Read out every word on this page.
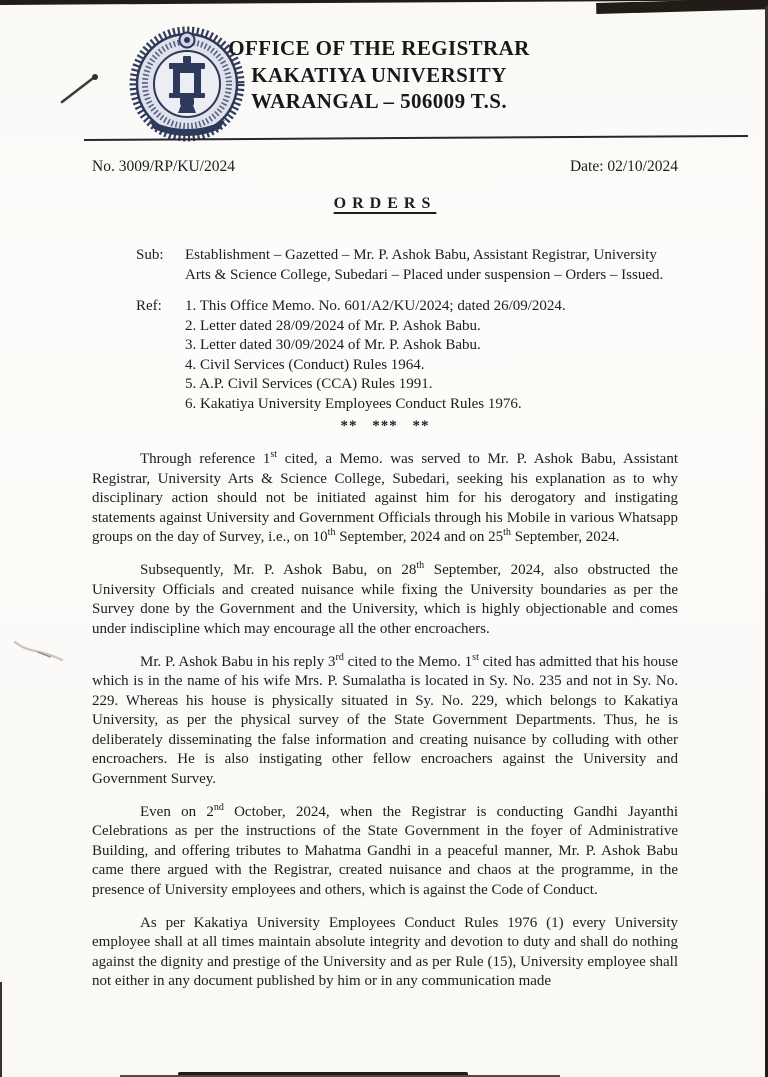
OFFICE OF THE REGISTRAR
KAKATIYA UNIVERSITY
WARANGAL – 506009 T.S.
No. 3009/RP/KU/2024	Date: 02/10/2024
ORDERS
Sub:	Establishment – Gazetted – Mr. P. Ashok Babu, Assistant Registrar, University Arts & Science College, Subedari – Placed under suspension – Orders – Issued.
Ref:	1. This Office Memo. No. 601/A2/KU/2024; dated 26/09/2024.
2. Letter dated 28/09/2024 of Mr. P. Ashok Babu.
3. Letter dated 30/09/2024 of Mr. P. Ashok Babu.
4. Civil Services (Conduct) Rules 1964.
5. A.P. Civil Services (CCA) Rules 1991.
6. Kakatiya University Employees Conduct Rules 1976.
** *** **

Through reference 1st cited, a Memo. was served to Mr. P. Ashok Babu, Assistant Registrar, University Arts & Science College, Subedari, seeking his explanation as to why disciplinary action should not be initiated against him for his derogatory and instigating statements against University and Government Officials through his Mobile in various Whatsapp groups on the day of Survey, i.e., on 10th September, 2024 and on 25th September, 2024.

Subsequently, Mr. P. Ashok Babu, on 28th September, 2024, also obstructed the University Officials and created nuisance while fixing the University boundaries as per the Survey done by the Government and the University, which is highly objectionable and comes under indiscipline which may encourage all the other encroachers.

Mr. P. Ashok Babu in his reply 3rd cited to the Memo. 1st cited has admitted that his house which is in the name of his wife Mrs. P. Sumalatha is located in Sy. No. 235 and not in Sy. No. 229. Whereas his house is physically situated in Sy. No. 229, which belongs to Kakatiya University, as per the physical survey of the State Government Departments. Thus, he is deliberately disseminating the false information and creating nuisance by colluding with other encroachers. He is also instigating other fellow encroachers against the University and Government Survey.

Even on 2nd October, 2024, when the Registrar is conducting Gandhi Jayanthi Celebrations as per the instructions of the State Government in the foyer of Administrative Building, and offering tributes to Mahatma Gandhi in a peaceful manner, Mr. P. Ashok Babu came there argued with the Registrar, created nuisance and chaos at the programme, in the presence of University employees and others, which is against the Code of Conduct.

As per Kakatiya University Employees Conduct Rules 1976 (1) every University employee shall at all times maintain absolute integrity and devotion to duty and shall do nothing against the dignity and prestige of the University and as per Rule (15), University employee shall not either in any document published by him or in any communication made
